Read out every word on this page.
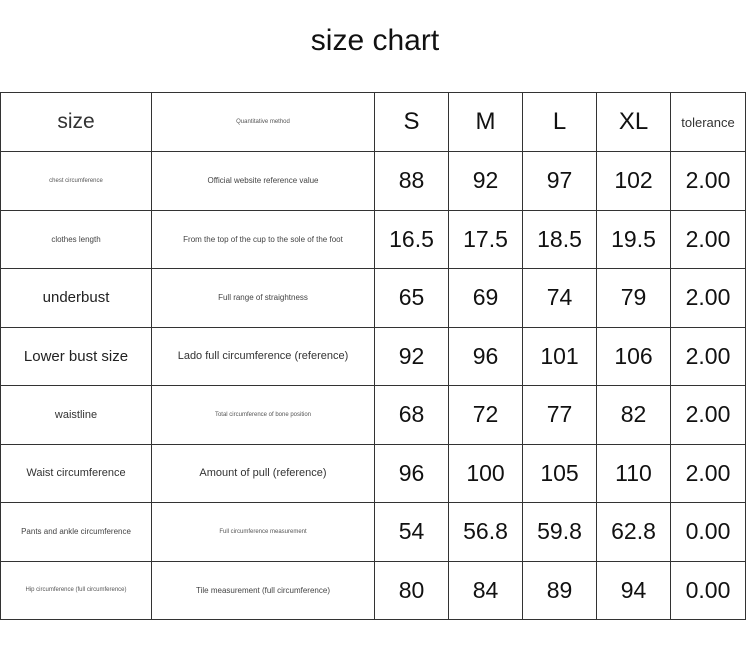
size chart
size	Quantitative method	S	M	L	XL	tolerance
chest circumference	Official website reference value	88	92	97	102	2.00
clothes length	From the top of the cup to the sole of the foot	16.5	17.5	18.5	19.5	2.00
underbust	Full range of straightness	65	69	74	79	2.00
Lower bust size	Lado full circumference (reference)	92	96	101	106	2.00
waistline	Total circumference of bone position	68	72	77	82	2.00
Waist circumference	Amount of pull (reference)	96	100	105	110	2.00
Pants and ankle circumference	Full circumference measurement	54	56.8	59.8	62.8	0.00
Hip circumference (full circumference)	Tile measurement (full circumference)	80	84	89	94	0.00
